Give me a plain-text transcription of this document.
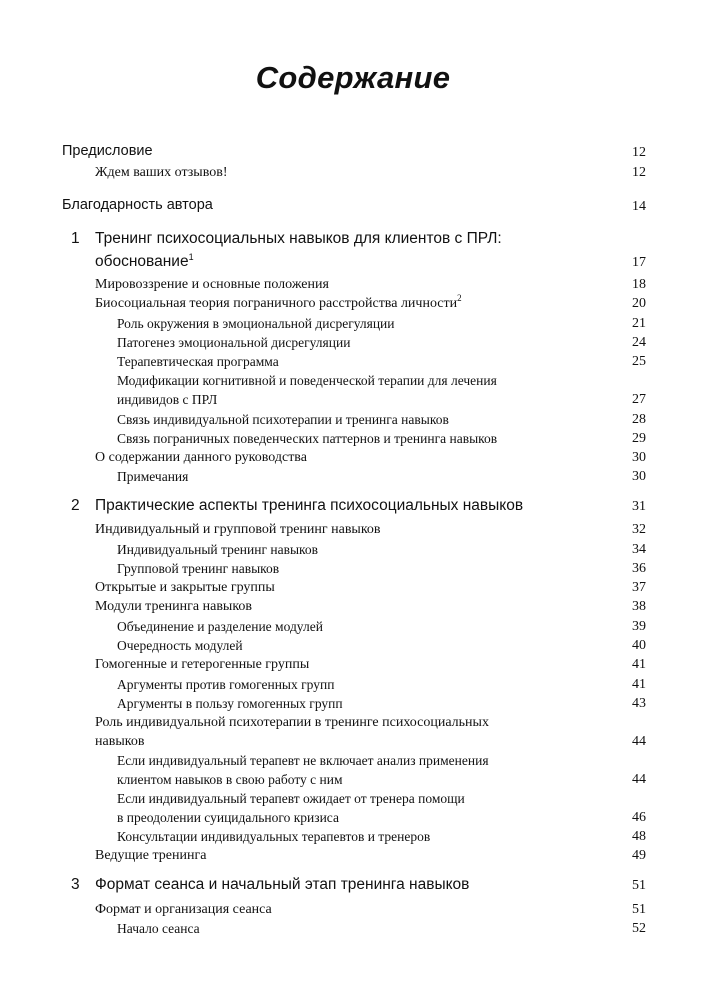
Содержание
Предисловие	12
Ждем ваших отзывов!	12
Благодарность автора	14
1 Тренинг психосоциальных навыков для клиентов с ПРЛ:
обоснование$^1$	17
Мировоззрение и основные положения	18
Биосоциальная теория пограничного расстройства личности$^2$	20
Роль окружения в эмоциональной дисрегуляции	21
Патогенез эмоциональной дисрегуляции	24
Терапевтическая программа	25
Модификации когнитивной и поведенческой терапии для лечения
индивидов с ПРЛ	27
Связь индивидуальной психотерапии и тренинга навыков	28
Связь пограничных поведенческих паттернов и тренинга навыков	29
О содержании данного руководства	30
Примечания	30
2 Практические аспекты тренинга психосоциальных навыков	31
Индивидуальный и групповой тренинг навыков	32
Индивидуальный тренинг навыков	34
Групповой тренинг навыков	36
Открытые и закрытые группы	37
Модули тренинга навыков	38
Объединение и разделение модулей	39
Очередность модулей	40
Гомогенные и гетерогенные группы	41
Аргументы против гомогенных групп	41
Аргументы в пользу гомогенных групп	43
Роль индивидуальной психотерапии в тренинге психосоциальных
навыков	44
Если индивидуальный терапевт не включает анализ применения
клиентом навыков в свою работу с ним	44
Если индивидуальный терапевт ожидает от тренера помощи
в преодолении суицидального кризиса	46
Консультации индивидуальных терапевтов и тренеров	48
Ведущие тренинга	49
3 Формат сеанса и начальный этап тренинга навыков	51
Формат и организация сеанса	51
Начало сеанса	52
